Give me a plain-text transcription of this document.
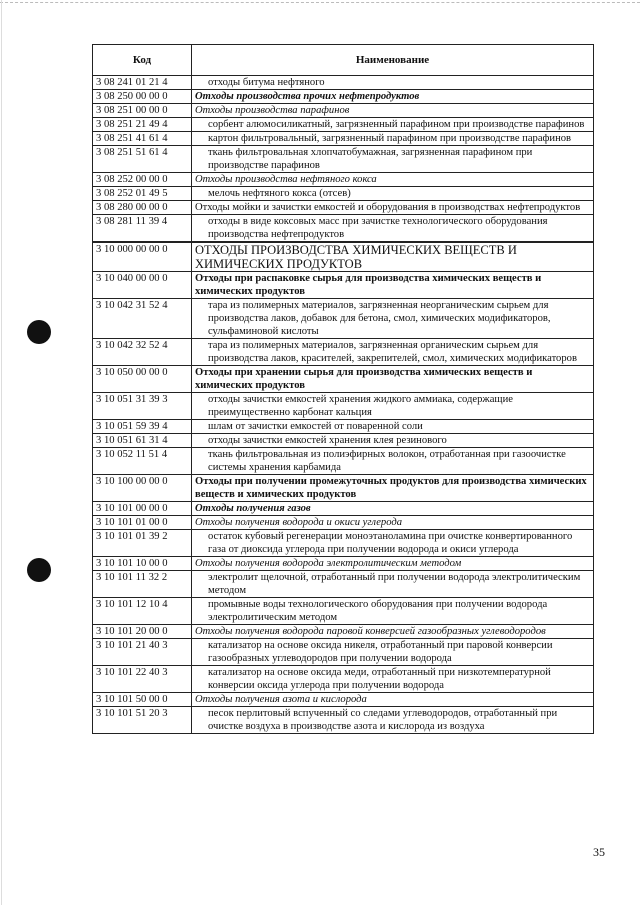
Код	Наименование
3 08 241 01 21 4	отходы битума нефтяного
3 08 250 00 00 0	Отходы производства прочих нефтепродуктов
3 08 251 00 00 0	Отходы производства парафинов
3 08 251 21 49 4	сорбент алюмосиликатный, загрязненный парафином при производстве парафинов
3 08 251 41 61 4	картон фильтровальный, загрязненный парафином при производстве парафинов
3 08 251 51 61 4	ткань фильтровальная хлопчатобумажная, загрязненная парафином при производстве парафинов
3 08 252 00 00 0	Отходы производства нефтяного кокса
3 08 252 01 49 5	мелочь нефтяного кокса (отсев)
3 08 280 00 00 0	Отходы мойки и зачистки емкостей и оборудования в производствах нефтепродуктов
3 08 281 11 39 4	отходы в виде коксовых масс при зачистке технологического оборудования производства нефтепродуктов

3 10 000 00 00 0	ОТХОДЫ ПРОИЗВОДСТВА ХИМИЧЕСКИХ ВЕЩЕСТВ И ХИМИЧЕСКИХ ПРОДУКТОВ
3 10 040 00 00 0	Отходы при распаковке сырья для производства химических веществ и химических продуктов
3 10 042 31 52 4	тара из полимерных материалов, загрязненная неорганическим сырьем для производства лаков, добавок для бетона, смол, химических модификаторов, сульфаминовой кислоты
3 10 042 32 52 4	тара из полимерных материалов, загрязненная органическим сырьем для производства лаков, красителей, закрепителей, смол, химических модификаторов
3 10 050 00 00 0	Отходы при хранении сырья для производства химических веществ и химических продуктов
3 10 051 31 39 3	отходы зачистки емкостей хранения жидкого аммиака, содержащие преимущественно карбонат кальция
3 10 051 59 39 4	шлам от зачистки емкостей от поваренной соли
3 10 051 61 31 4	отходы зачистки емкостей хранения клея резинового
3 10 052 11 51 4	ткань фильтровальная из полиэфирных волокон, отработанная при газоочистке системы хранения карбамида
3 10 100 00 00 0	Отходы при получении промежуточных продуктов для производства химических веществ и химических продуктов
3 10 101 00 00 0	Отходы получения газов
3 10 101 01 00 0	Отходы получения водорода и окиси углерода
3 10 101 01 39 2	остаток кубовый регенерации моноэтаноламина при очистке конвертированного газа от диоксида углерода при получении водорода и окиси углерода
3 10 101 10 00 0	Отходы получения водорода электролитическим методом
3 10 101 11 32 2	электролит щелочной, отработанный при получении водорода электролитическим методом
3 10 101 12 10 4	промывные воды технологического оборудования при получении водорода электролитическим методом
3 10 101 20 00 0	Отходы получения водорода паровой конверсией газообразных углеводородов
3 10 101 21 40 3	катализатор на основе оксида никеля, отработанный при паровой конверсии газообразных углеводородов при получении водорода
3 10 101 22 40 3	катализатор на основе оксида меди, отработанный при низкотемпературной конверсии оксида углерода при получении водорода
3 10 101 50 00 0	Отходы получения азота и кислорода
3 10 101 51 20 3	песок перлитовый вспученный со следами углеводородов, отработанный при очистке воздуха в производстве азота и кислорода из воздуха
35
